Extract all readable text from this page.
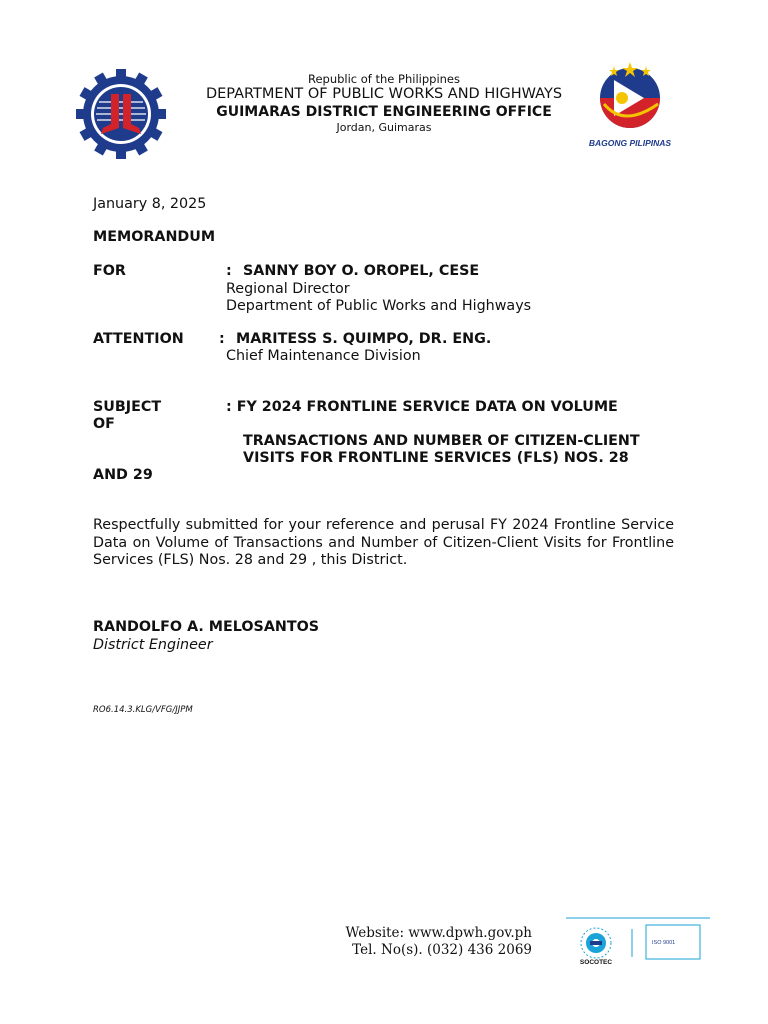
Republic of the Philippines
DEPARTMENT OF PUBLIC WORKS AND HIGHWAYS
GUIMARAS DISTRICT ENGINEERING OFFICE
Jordan, Guimaras
BAGONG PILIPINAS
January 8, 2025
MEMORANDUM
FOR	: SANNY BOY O. OROPEL, CESE
Regional Director
Department of Public Works and Highways
ATTENTION : MARITESS S. QUIMPO, DR. ENG.
Chief Maintenance Division
SUBJECT
OF
: FY 2024 FRONTLINE SERVICE DATA ON VOLUME
TRANSACTIONS AND NUMBER OF CITIZEN-CLIENT
VISITS FOR FRONTLINE SERVICES (FLS) NOS. 28
AND 29
Respectfully submitted for your reference and perusal FY 2024 Frontline Service Data on Volume of Transactions and Number of Citizen-Client Visits for Frontline Services (FLS) Nos. 28 and 29 , this District.
RANDOLFO A. MELOSANTOS
District Engineer
RO6.14.3.KLG/VFG/JJPM
Website: www.dpwh.gov.ph
Tel. No(s). (032) 436 2069
SOCOTEC
ISO 9001
